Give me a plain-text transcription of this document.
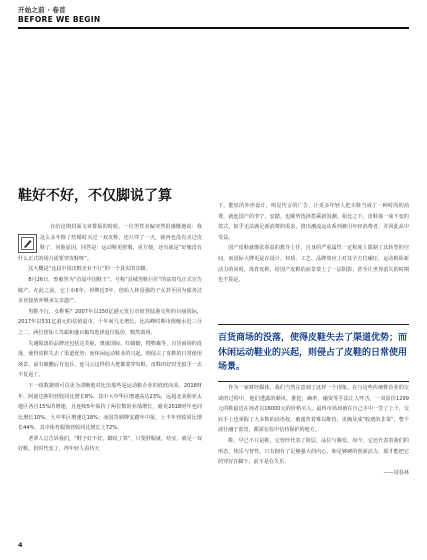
开始之前 · 卷首
BEFORE WE BEGIN
鞋好不好，不仅脚说了算

在给这期封面文章排版的时候，一位男性美编突然很感慨地说：我这么多年除了结婚时买过一双皮鞋，还只穿了一天，就再也没有买过皮鞋了，问他原因，回答是：运动鞋更舒服，更方便，还有就是“好像没有什么正式的场合需要穿皮鞋呀”。

这大概是“这届中国皮鞋企业不行”的一个真实的注脚。

8月26日，曾被誉为“首届中国鞋王”、号称“县城男鞋巨匠”的富贵鸟正式宣告破产。在此之前，它上市6年、停牌近3年，创始人林国强的子女甚至因为债务过多直接放弃继承父亲遗产。

男鞋不行，女鞋呢？2007年以150亿港元发行市值登陆港交所的百丽国际，2017年以531亿港元的估值退市，十年间几无增长，比高峰时期市值缩水近三分之二，两位创始人笃霸和盛百椒均选择退位股份，黯然离场。

失速陨落的品牌还包括达芙妮、奥康国际、红蜻蜓、搜物森等，百货商场的没落，使得皮鞋失去了渠道优势；而休闲运动鞋业的兴起，则侵占了皮鞋的日常使用场景，前有破鹏后有追兵，连马云这样的大佬都要穿布鞋，皮鞋的好时光似乎一去不复返了。

下一组数据则可以更为清晰地对比出那些是运动鞋企业的欣欣向荣。2018财年，阿迪达斯的营收同比增长8%，其中大中华区增速高达23%，远超北美和亚太地区各自15%的增速，且连续5年保持了两位数的业绩增长。耐克2018财年也同比增长10%，大中华区增速达18%；而国货鼎牌安踏年中报，上半年营收同比增长44%，其中体育服饰营收同比增长上72%。

老辈人总告诉我们，“鞋子好不好，脚说了算”，只要舒服就，结实，就足一双好鞋。但时代变了，得年轻人看待天

下，能炫的外形设计，明星代言的广告，让更多年轻人把买鞋当成了一种时尚的消费，就连国产的李宁、安踏，也顺势选择搭乘新国潮。相比之下，皮鞋那一成不变的款式，似乎无法满足新消费的需求，推出潮流运动系列被引年轻消费者，并回此从中受益。

国产皮鞋就像张春益的教导上任，自身的严重属性一定程度上限制了其转型的空间，而国际大牌更是在设计、材质、工艺、品牌效应上对其全方位碾压，运动鞋卧新活力的同时，体育皮鞋，给国产皮鞋的前景蒙上了一层阴影，甚至让世界消失的时期也不算是。

百货商场的没落，使得皮鞋失去了渠道优势；而休闲运动鞋业的兴起，则侵占了皮鞋的日常使用场景。

作为一家财经媒体，我们当然注意到了这样一个现象。在与这些传统鞋企业的交谈的过程中，他们透露的颇风，推挖，确率，融资等手法让人咋舌，一双原价1299元的鞋最近在场者以16000元的价格买入，最终市场却被在自己手中一尝了上千，交底手上也掌握了大多数的话语权，被通背着难以维持，更确及成“收割的韭菜”，整个波壮融于监管，都需在监中信持保护的地方。

鞋，早已不只是鞋，它曾经代表了阶层，品位与腾发，如今，它还代表着我们的形态、快乐与智性。只有拥有了足够强大的内心，和足够硬的创新活力，那才能把它的穿好在脚下，前不是在失乐。

——周春林

4
